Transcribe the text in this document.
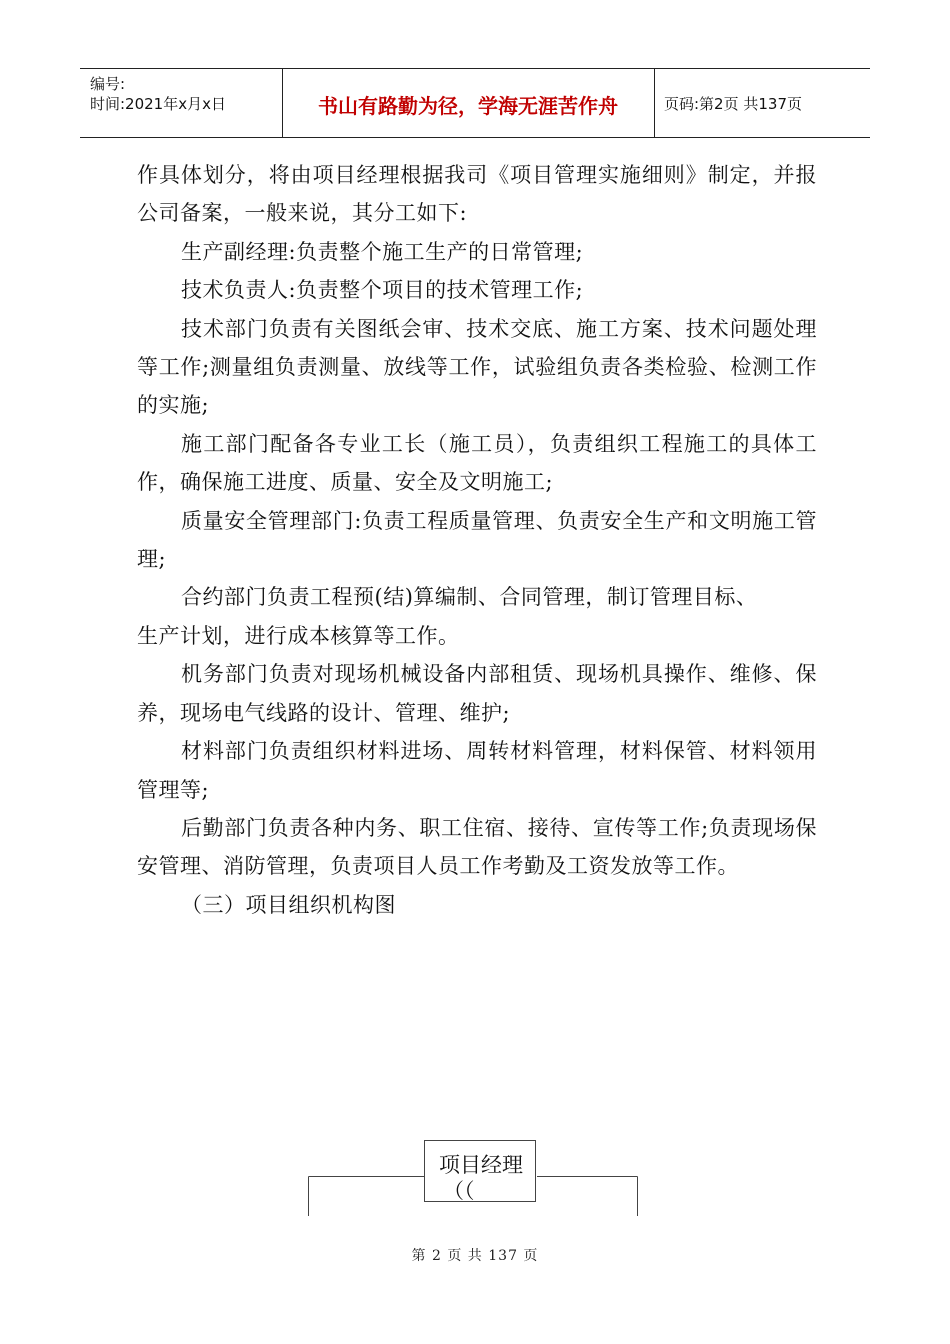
编号:
时间:2021年x月x日	书山有路勤为径，学海无涯苦作舟	页码:第2页 共137页

作具体划分，将由项目经理根据我司《项目管理实施细则》制定，并报公司备案，一般来说，其分工如下:

生产副经理:负责整个施工生产的日常管理;

技术负责人:负责整个项目的技术管理工作;

技术部门负责有关图纸会审、技术交底、施工方案、技术问题处理等工作;测量组负责测量、放线等工作，试验组负责各类检验、检测工作的实施;

施工部门配备各专业工长（施工员），负责组织工程施工的具体工作，确保施工进度、质量、安全及文明施工;

质量安全管理部门:负责工程质量管理、负责安全生产和文明施工管理;

合约部门负责工程预(结)算编制、合同管理，制订管理目标、

生产计划，进行成本核算等工作。

机务部门负责对现场机械设备内部租赁、现场机具操作、维修、保养，现场电气线路的设计、管理、维护;

材料部门负责组织材料进场、周转材料管理，材料保管、材料领用管理等;

后勤部门负责各种内务、职工住宿、接待、宣传等工作;负责现场保安管理、消防管理，负责项目人员工作考勤及工资发放等工作。

（三）项目组织机构图

项目经理
（（
第 2 页 共 137 页
